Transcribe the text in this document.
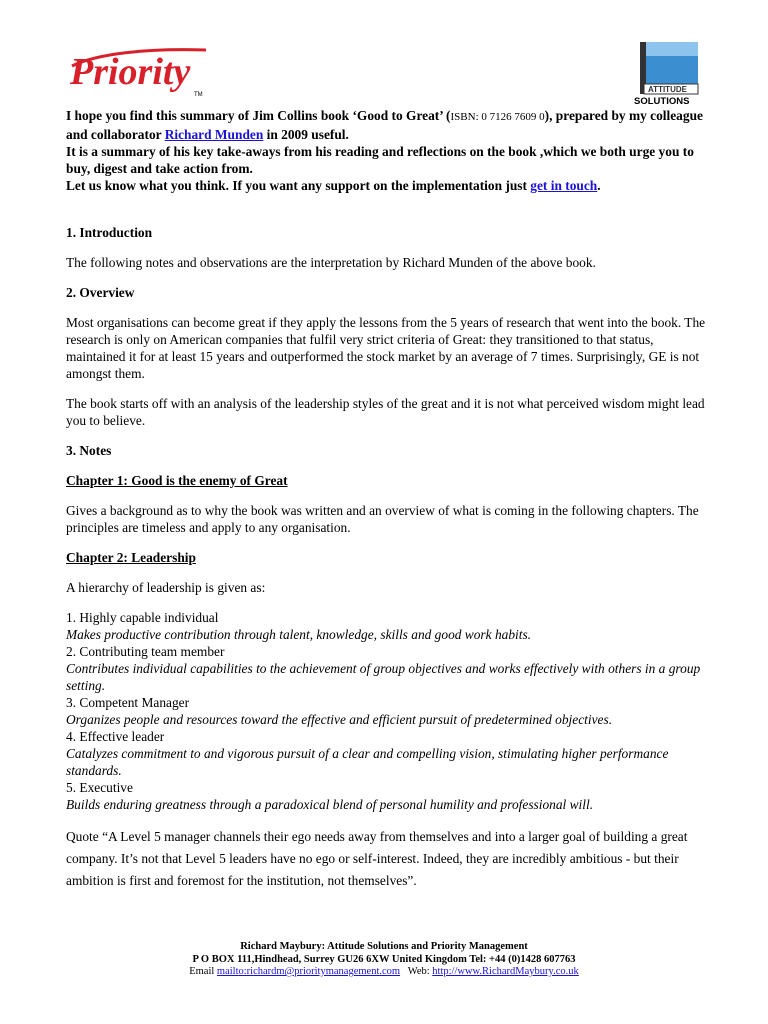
Priority
TM
ATTITUDE
SOLUTIONS
I hope you find this summary of Jim Collins book ‘Good to Great’ (ISBN: 0 7126 7609 0), prepared by my colleague and collaborator Richard Munden in 2009 useful.
It is a summary of his key take-aways from his reading and reflections on the book ,which we both urge you to buy, digest and take action from.
Let us know what you think. If you want any support on the implementation just get in touch.

1. Introduction

The following notes and observations are the interpretation by Richard Munden of the above book.

2. Overview

Most organisations can become great if they apply the lessons from the 5 years of research that went into the book. The research is only on American companies that fulfil very strict criteria of Great: they transitioned to that status, maintained it for at least 15 years and outperformed the stock market by an average of 7 times. Surprisingly, GE is not amongst them.

The book starts off with an analysis of the leadership styles of the great and it is not what perceived wisdom might lead you to believe.

3. Notes

Chapter 1: Good is the enemy of Great

Gives a background as to why the book was written and an overview of what is coming in the following chapters. The principles are timeless and apply to any organisation.

Chapter 2: Leadership

A hierarchy of leadership is given as:

1. Highly capable individual

Makes productive contribution through talent, knowledge, skills and good work habits.

2. Contributing team member

Contributes individual capabilities to the achievement of group objectives and works effectively with others in a group setting.

3. Competent Manager

Organizes people and resources toward the effective and efficient pursuit of predetermined objectives.

4. Effective leader

Catalyzes commitment to and vigorous pursuit of a clear and compelling vision, stimulating higher performance standards.

5. Executive

Builds enduring greatness through a paradoxical blend of personal humility and professional will.

Quote “A Level 5 manager channels their ego needs away from themselves and into a larger goal of building a great company. It’s not that Level 5 leaders have no ego or self-interest. Indeed, they are incredibly ambitious - but their ambition is first and foremost for the institution, not themselves”.

Richard Maybury: Attitude Solutions and Priority Management
P O BOX 111,Hindhead, Surrey GU26 6XW United Kingdom Tel: +44 (0)1428 607763
Email mailto:richardm@prioritymanagement.com   Web: http://www.RichardMaybury.co.uk
